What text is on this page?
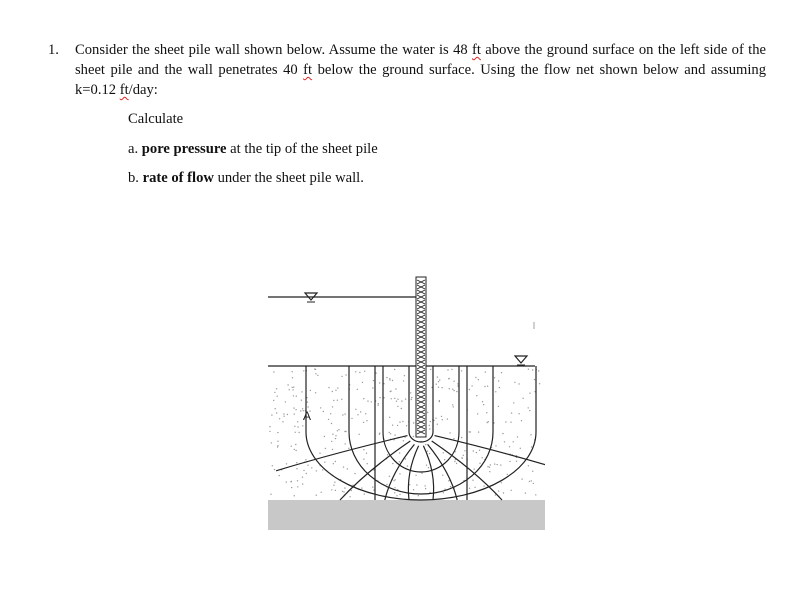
1. Consider the sheet pile wall shown below. Assume the water is 48 ft above the ground surface on the left side of the sheet pile and the wall penetrates 40 ft below the ground surface. Using the flow net shown below and assuming k=0.12 ft/day:
Calculate
a. pore pressure at the tip of the sheet pile
b. rate of flow under the sheet pile wall.
A
